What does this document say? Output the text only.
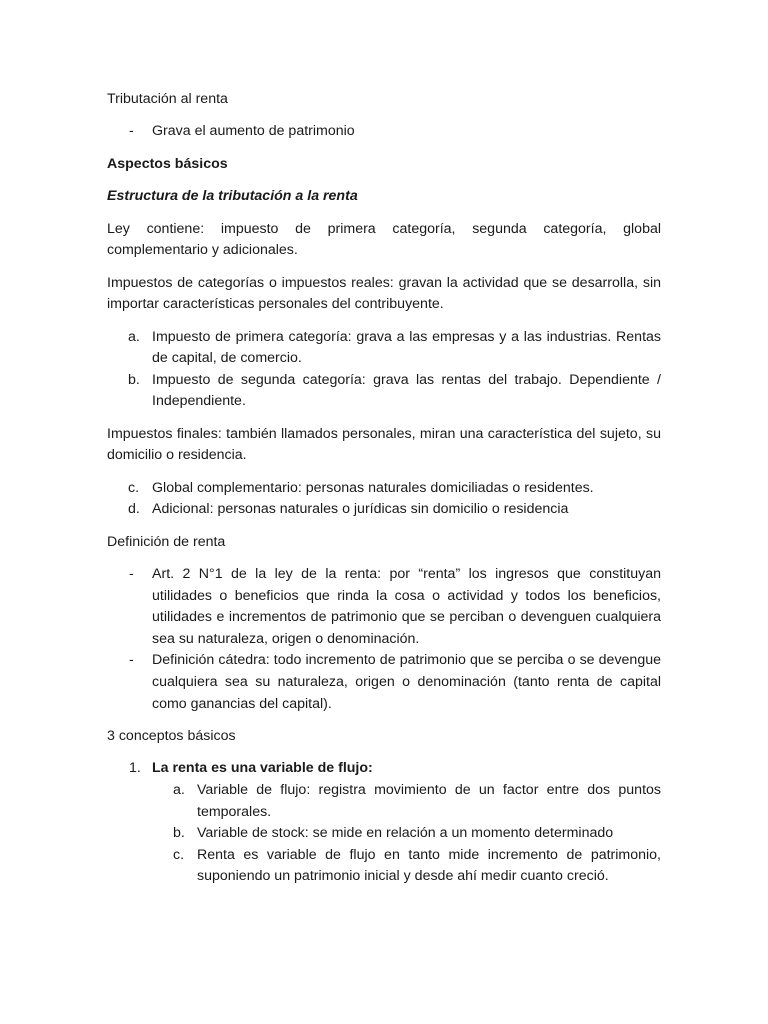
Tributación al renta

-	Grava el aumento de patrimonio

Aspectos básicos

Estructura de la tributación a la renta

Ley contiene: impuesto de primera categoría, segunda categoría, global complementario y adicionales.

Impuestos de categorías o impuestos reales: gravan la actividad que se desarrolla, sin importar características personales del contribuyente.

a. Impuesto de primera categoría: grava a las empresas y a las industrias. Rentas de capital, de comercio.
b. Impuesto de segunda categoría: grava las rentas del trabajo. Dependiente / Independiente.

Impuestos finales: también llamados personales, miran una característica del sujeto, su domicilio o residencia.

c. Global complementario: personas naturales domiciliadas o residentes.
d. Adicional: personas naturales o jurídicas sin domicilio o residencia

Definición de renta

-	Art. 2 N°1 de la ley de la renta: por “renta” los ingresos que constituyan utilidades o beneficios que rinda la cosa o actividad y todos los beneficios, utilidades e incrementos de patrimonio que se perciban o devenguen cualquiera sea su naturaleza, origen o denominación.
-	Definición cátedra: todo incremento de patrimonio que se perciba o se devengue cualquiera sea su naturaleza, origen o denominación (tanto renta de capital como ganancias del capital).

3 conceptos básicos

1. La renta es una variable de flujo:
a. Variable de flujo: registra movimiento de un factor entre dos puntos temporales.
b. Variable de stock: se mide en relación a un momento determinado
c. Renta es variable de flujo en tanto mide incremento de patrimonio, suponiendo un patrimonio inicial y desde ahí medir cuanto creció.
